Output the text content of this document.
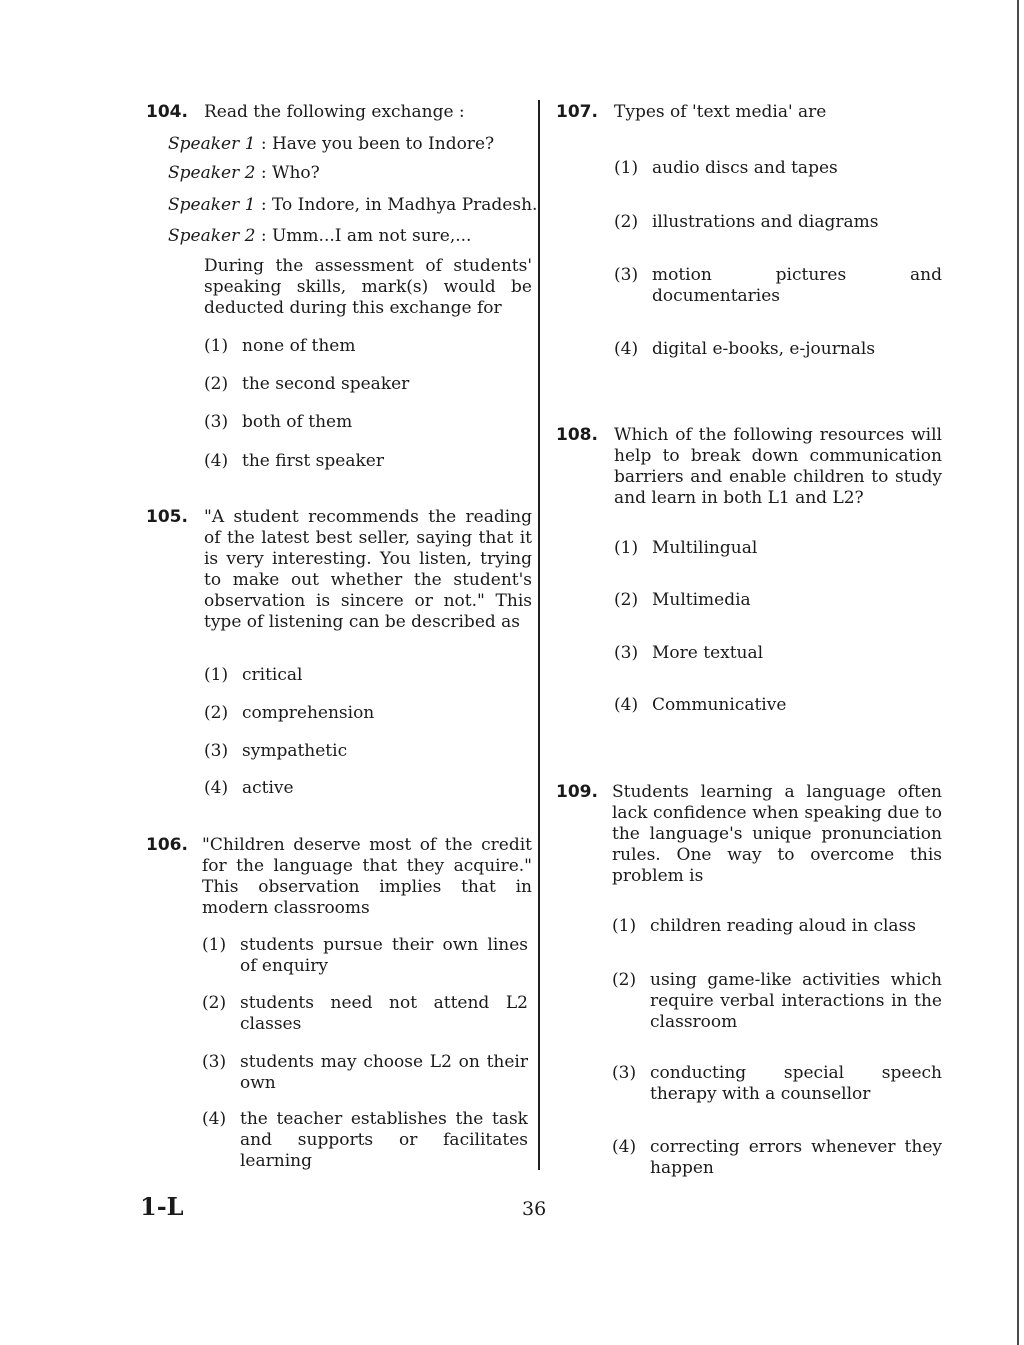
104. Read the following exchange :
Speaker 1 : Have you been to Indore?
Speaker 2 : Who?
Speaker 1 : To Indore, in Madhya Pradesh.
Speaker 2 : Umm...I am not sure,...
During the assessment of students' speaking skills, mark(s) would be deducted during this exchange for
(1) none of them
(2) the second speaker
(3) both of them
(4) the first speaker
105. "A student recommends the reading of the latest best seller, saying that it is very interesting. You listen, trying to make out whether the student's observation is sincere or not." This type of listening can be described as
(1) critical
(2) comprehension
(3) sympathetic
(4) active
106. "Children deserve most of the credit for the language that they acquire." This observation implies that in modern classrooms
(1) students pursue their own lines of enquiry
(2) students need not attend L2 classes
(3) students may choose L2 on their own
(4) the teacher establishes the task and supports or facilitates learning
107. Types of 'text media' are
(1) audio discs and tapes
(2) illustrations and diagrams
(3) motion pictures and documentaries
(4) digital e-books, e-journals
108. Which of the following resources will help to break down communication barriers and enable children to study and learn in both L1 and L2?
(1) Multilingual
(2) Multimedia
(3) More textual
(4) Communicative
109. Students learning a language often lack confidence when speaking due to the language's unique pronunciation rules. One way to overcome this problem is
(1) children reading aloud in class
(2) using game-like activities which require verbal interactions in the classroom
(3) conducting special speech therapy with a counsellor
(4) correcting errors whenever they happen
1-L	36
